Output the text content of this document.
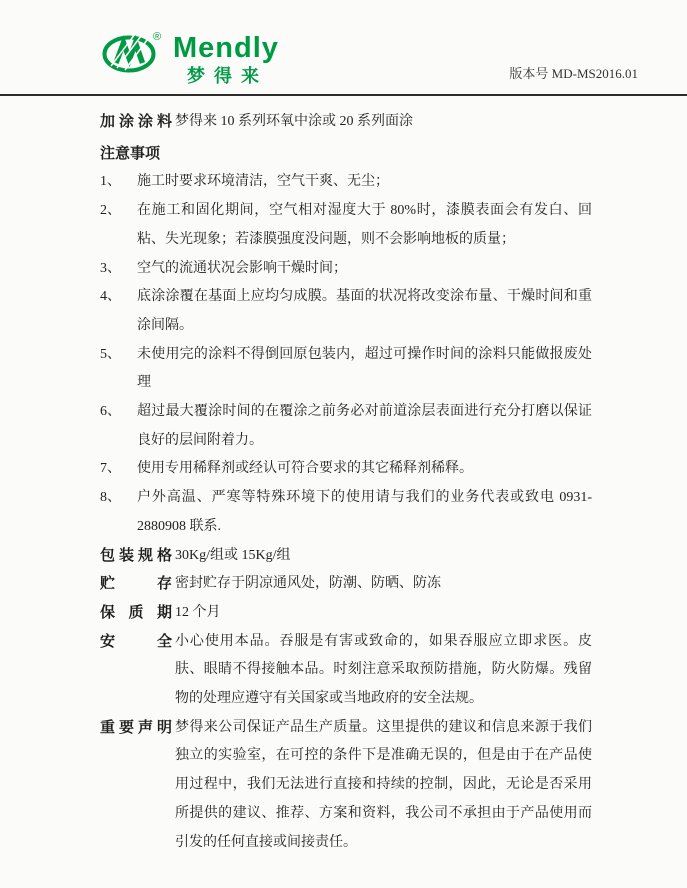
® Mendly
梦得来	版本号 MD-MS2016.01
加涂涂料 梦得来 10 系列环氧中涂或 20 系列面涂
注意事项
1、	施工时要求环境清洁，空气干爽、无尘；
2、	在施工和固化期间，空气相对湿度大于 80%时，漆膜表面会有发白、回粘、失光现象；若漆膜强度没问题，则不会影响地板的质量；
3、	空气的流通状况会影响干燥时间；
4、	底涂涂覆在基面上应均匀成膜。基面的状况将改变涂布量、干燥时间和重涂间隔。
5、	未使用完的涂料不得倒回原包装内，超过可操作时间的涂料只能做报废处理
6、	超过最大覆涂时间的在覆涂之前务必对前道涂层表面进行充分打磨以保证良好的层间附着力。
7、	使用专用稀释剂或经认可符合要求的其它稀释剂稀释。
8、	户外高温、严寒等特殊环境下的使用请与我们的业务代表或致电 0931-2880908 联系.
包装规格 30Kg/组或 15Kg/组
贮存 密封贮存于阴凉通风处，防潮、防晒、防冻
保质期 12 个月
安全 小心使用本品。吞服是有害或致命的，如果吞服应立即求医。皮肤、眼睛不得接触本品。时刻注意采取预防措施，防火防爆。残留物的处理应遵守有关国家或当地政府的安全法规。
重要声明 梦得来公司保证产品生产质量。这里提供的建议和信息来源于我们独立的实验室，在可控的条件下是准确无误的，但是由于在产品使用过程中，我们无法进行直接和持续的控制，因此，无论是否采用所提供的建议、推荐、方案和资料，我公司不承担由于产品使用而引发的任何直接或间接责任。
